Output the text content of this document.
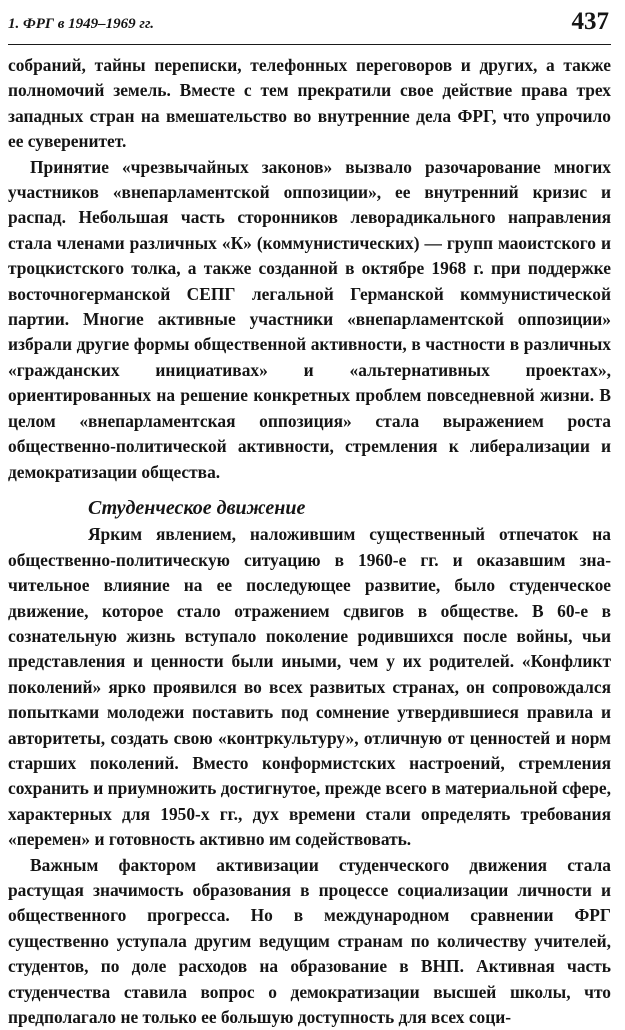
1. ФРГ в 1949–1969 гг.	437

собраний, тайны переписки, телефонных переговоров и других, а также полномочий земель. Вместе с тем прекратили свое действие права трех западных стран на вмешательство во внутренние дела ФРГ, что упрочило ее суверенитет.

Принятие «чрезвычайных законов» вызвало разочарование многих участников «внепарламентской оппозиции», ее внутренний кризис и распад. Небольшая часть сторонников леворадикального направления стала членами различных «К» (коммунистических) — групп маоистского и троцкистского толка, а также созданной в октябре 1968 г. при поддержке восточногерманской СЕПГ легальной Германской коммунистической партии. Многие активные участники «внепарламентской оппозиции» избрали другие формы общественной активности, в частности в различных «гражданских инициативах» и «альтернативных проектах», ориентированных на решение конкретных проблем повседневной жизни. В целом «внепарламентская оппозиция» стала выражением роста общественно-политической активности, стремления к либерализации и демократизации общества.

Студенческое движение

Ярким явлением, наложившим существенный отпечаток на общественно-политическую ситуацию в 1960-е гг. и оказавшим значительное влияние на ее последующее развитие, было студенческое движение, которое стало отражением сдвигов в обществе. В 60-е в сознательную жизнь вступало поколение родившихся после войны, чьи представления и ценности были иными, чем у их родителей. «Конфликт поколений» ярко проявился во всех развитых странах, он сопровождался попытками молодежи поставить под сомнение утвердившиеся правила и авторитеты, создать свою «контркультуру», отличную от ценностей и норм старших поколений. Вместо конформистских настроений, стремления сохранить и приумножить достигнутое, прежде всего в материальной сфере, характерных для 1950-х гг., дух времени стали определять требования «перемен» и готовность активно им содействовать.

Важным фактором активизации студенческого движения стала растущая значимость образования в процессе социализации личности и общественного прогресса. Но в международном сравнении ФРГ существенно уступала другим ведущим странам по количеству учителей, студентов, по доле расходов на образование в ВНП. Активная часть студенчества ставила вопрос о демократизации высшей школы, что предполагало не только ее большую доступность для всех соци-
